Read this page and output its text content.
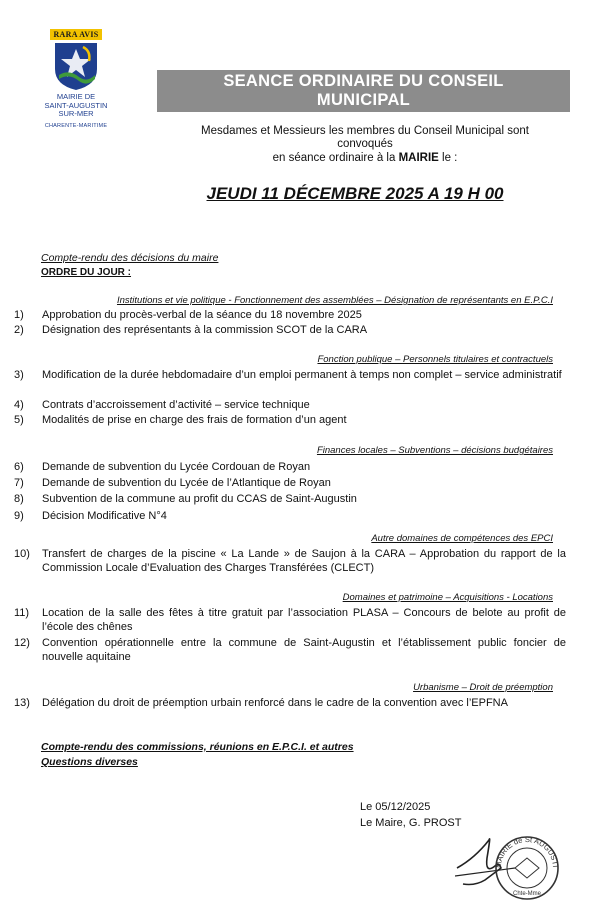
RARA AVIS
MAIRIE DE
SAINT-AUGUSTIN
SUR-MER
CHARENTE-MARITIME
SEANCE ORDINAIRE DU CONSEIL
MUNICIPAL
Mesdames et Messieurs les membres du Conseil Municipal sont
convoqués
en séance ordinaire à la MAIRIE le :
JEUDI 11 DÉCEMBRE 2025 A 19 H 00
Compte-rendu des décisions du maire
ORDRE DU JOUR :
Institutions et vie politique - Fonctionnement des assemblées – Désignation de représentants en E.P.C.I
1) Approbation du procès-verbal de la séance du 18 novembre 2025
2) Désignation des représentants à la commission SCOT de la CARA
Fonction publique – Personnels titulaires et contractuels
3) Modification de la durée hebdomadaire d’un emploi permanent à temps non complet – service administratif
4) Contrats d’accroissement d’activité – service technique
5) Modalités de prise en charge des frais de formation d’un agent
Finances locales – Subventions – décisions budgétaires
6) Demande de subvention du Lycée Cordouan de Royan
7) Demande de subvention du Lycée de l’Atlantique de Royan
8) Subvention de la commune au profit du CCAS de Saint-Augustin
9) Décision Modificative N°4
Autre domaines de compétences des EPCI
10) Transfert de charges de la piscine « La Lande » de Saujon à la CARA – Approbation du rapport de la Commission Locale d’Evaluation des Charges Transférées (CLECT)
Domaines et patrimoine – Acquisitions - Locations
11) Location de la salle des fêtes à titre gratuit par l’association PLASA – Concours de belote au profit de l’école des chênes
12) Convention opérationnelle entre la commune de Saint-Augustin et l’établissement public foncier de nouvelle aquitaine
Urbanisme – Droit de préemption
13) Délégation du droit de préemption urbain renforcé dans le cadre de la convention avec l’EPFNA
Compte-rendu des commissions, réunions en E.P.C.I. et autres
Questions diverses
Le 05/12/2025
Le Maire, G. PROST
MAIRIE de St AUGUSTI
Chte-Mme
